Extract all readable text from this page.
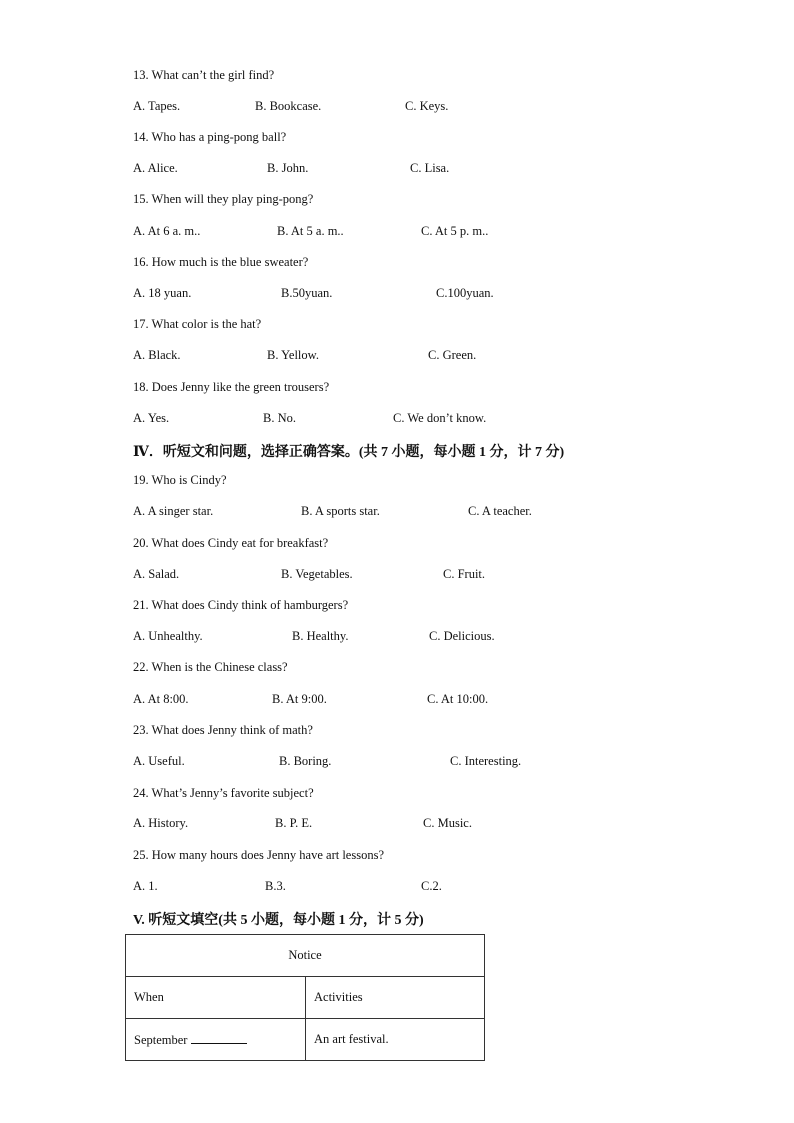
13. What can’t the girl find?
A. Tapes.	B. Bookcase.	C. Keys.
14. Who has a ping-pong ball?
A. Alice.	B. John.	C. Lisa.
15. When will they play ping-pong?
A. At 6 a. m..	B. At 5 a. m..	C. At 5 p. m..
16. How much is the blue sweater?
A. 18 yuan.	B.50yuan.	C.100yuan.
17. What color is the hat?
A. Black.	B. Yellow.	C. Green.
18. Does Jenny like the green trousers?
A. Yes.	B. No.	C. We don’t know.
Ⅳ．听短文和问题，选择正确答案。(共 7 小题，每小题 1 分，计 7 分)
19. Who is Cindy?
A. A singer star.	B. A sports star.	C. A teacher.
20. What does Cindy eat for breakfast?
A. Salad.	B. Vegetables.	C. Fruit.
21. What does Cindy think of hamburgers?
A. Unhealthy.	B. Healthy.	C. Delicious.
22. When is the Chinese class?
A. At 8:00.	B. At 9:00.	C. At 10:00.
23. What does Jenny think of math?
A. Useful.	B. Boring.	C. Interesting.
24. What’s Jenny’s favorite subject?
A. History.	B. P. E.	C. Music.
25. How many hours does Jenny have art lessons?
A. 1.	B.3.	C.2.
V. 听短文填空(共 5 小题，每小题 1 分，计 5 分)
Notice	
When	Activities
September	An art festival.
